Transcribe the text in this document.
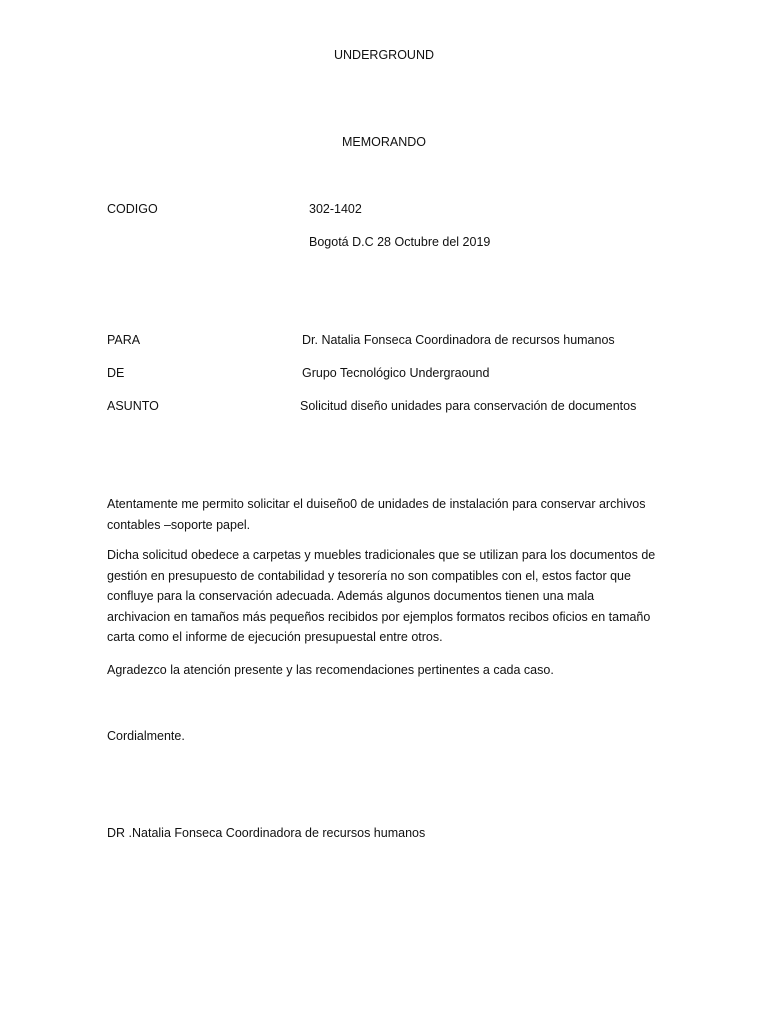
UNDERGROUND
MEMORANDO
CODIGO	302-1402
Bogotá D.C 28 Octubre del 2019
PARA	Dr. Natalia Fonseca Coordinadora de recursos humanos
DE	Grupo Tecnológico Undergraound
ASUNTO	Solicitud diseño unidades para conservación de documentos
Atentamente me permito solicitar el duiseño0 de unidades de instalación para conservar archivos
contables –soporte papel.
Dicha solicitud obedece a carpetas y muebles tradicionales que se utilizan para los documentos de
gestión en presupuesto de contabilidad y tesorería no son compatibles con el, estos factor que
confluye para la conservación adecuada. Además algunos documentos tienen una mala
archivacion en tamaños más pequeños recibidos por ejemplos formatos recibos oficios en tamaño
carta como el informe de ejecución presupuestal entre otros.
Agradezco la atención presente y las recomendaciones pertinentes a cada caso.
Cordialmente.
DR .Natalia Fonseca Coordinadora de recursos humanos
